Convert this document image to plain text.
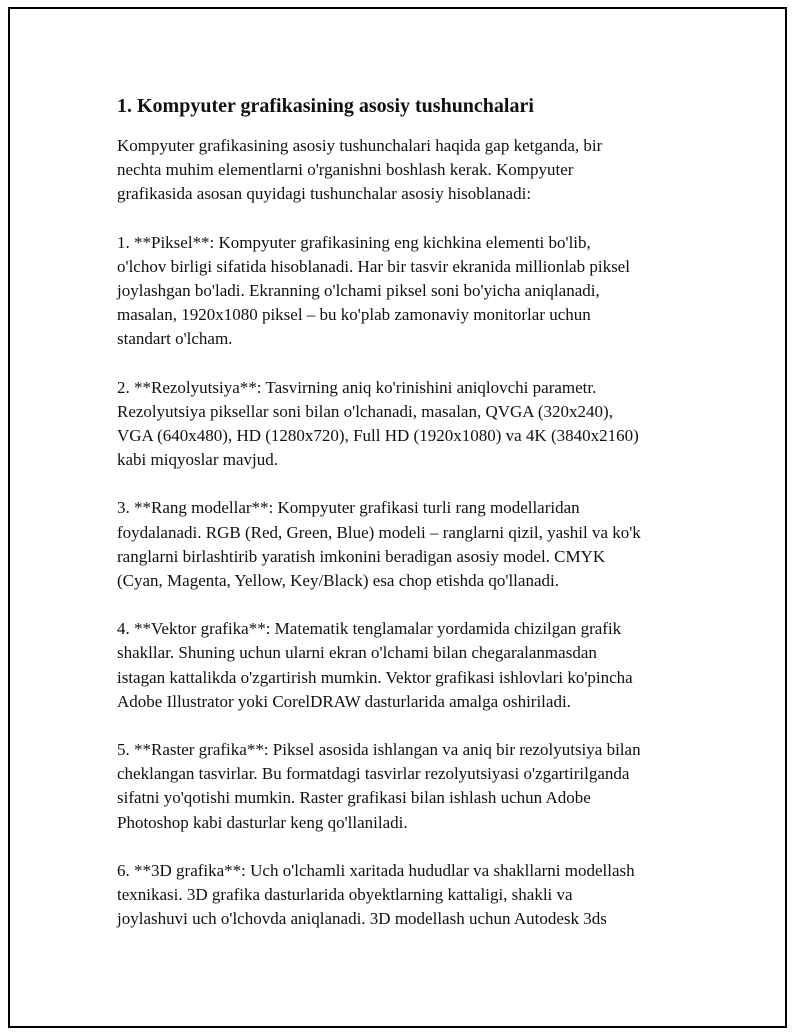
1. Kompyuter grafikasining asosiy tushunchalari
Kompyuter grafikasining asosiy tushunchalari haqida gap ketganda, bir
nechta muhim elementlarni o'rganishni boshlash kerak. Kompyuter
grafikasida asosan quyidagi tushunchalar asosiy hisoblanadi:
1. **Piksel**: Kompyuter grafikasining eng kichkina elementi bo'lib,
o'lchov birligi sifatida hisoblanadi. Har bir tasvir ekranida millionlab piksel
joylashgan bo'ladi. Ekranning o'lchami piksel soni bo'yicha aniqlanadi,
masalan, 1920x1080 piksel – bu ko'plab zamonaviy monitorlar uchun
standart o'lcham.
2. **Rezolyutsiya**: Tasvirning aniq ko'rinishini aniqlovchi parametr.
Rezolyutsiya piksellar soni bilan o'lchanadi, masalan, QVGA (320x240),
VGA (640x480), HD (1280x720), Full HD (1920x1080) va 4K (3840x2160)
kabi miqyoslar mavjud.
3. **Rang modellar**: Kompyuter grafikasi turli rang modellaridan
foydalanadi. RGB (Red, Green, Blue) modeli – ranglarni qizil, yashil va ko'k
ranglarni birlashtirib yaratish imkonini beradigan asosiy model. CMYK
(Cyan, Magenta, Yellow, Key/Black) esa chop etishda qo'llanadi.
4. **Vektor grafika**: Matematik tenglamalar yordamida chizilgan grafik
shakllar. Shuning uchun ularni ekran o'lchami bilan chegaralanmasdan
istagan kattalikda o'zgartirish mumkin. Vektor grafikasi ishlovlari ko'pincha
Adobe Illustrator yoki CorelDRAW dasturlarida amalga oshiriladi.
5. **Raster grafika**: Piksel asosida ishlangan va aniq bir rezolyutsiya bilan
cheklangan tasvirlar. Bu formatdagi tasvirlar rezolyutsiyasi o'zgartirilganda
sifatni yo'qotishi mumkin. Raster grafikasi bilan ishlash uchun Adobe
Photoshop kabi dasturlar keng qo'llaniladi.
6. **3D grafika**: Uch o'lchamli xaritada hududlar va shakllarni modellash
texnikasi. 3D grafika dasturlarida obyektlarning kattaligi, shakli va
joylashuvi uch o'lchovda aniqlanadi. 3D modellash uchun Autodesk 3ds
